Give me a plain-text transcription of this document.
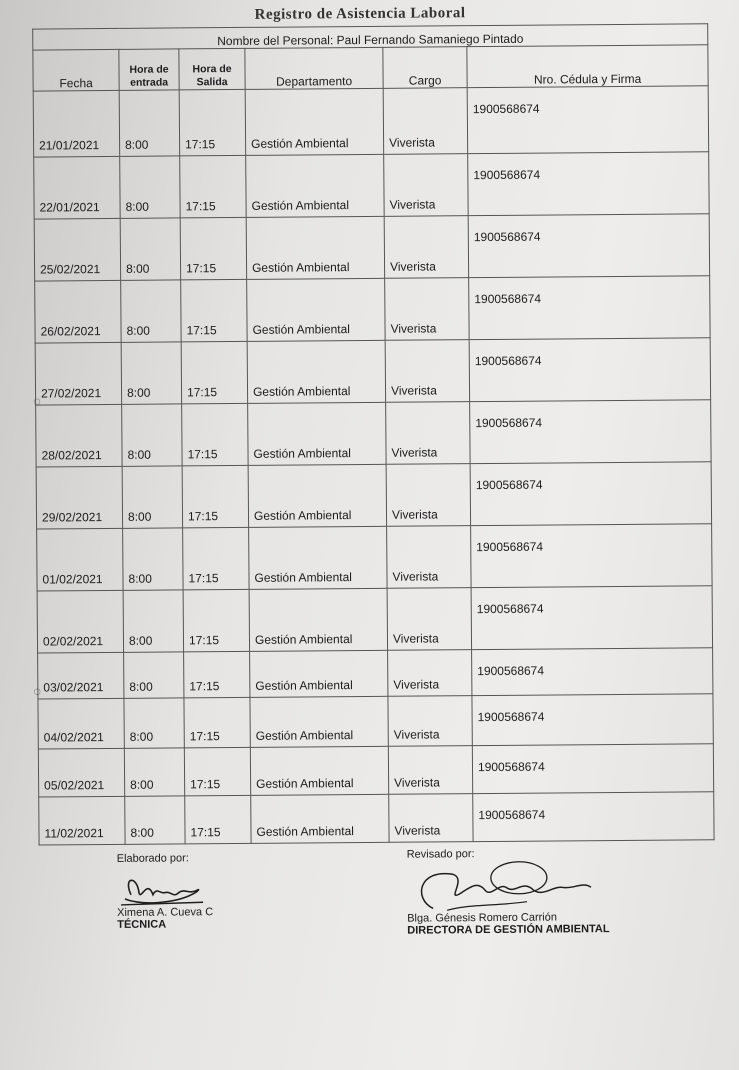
Registro de Asistencia Laboral
Nombre del Personal: Paul Fernando Samaniego Pintado					
Fecha	Hora de entrada	Hora de Salida	Departamento	Cargo	Nro. Cédula y Firma
21/01/2021	8:00	17:15	Gestión Ambiental	Viverista	1900568674
22/01/2021	8:00	17:15	Gestión Ambiental	Viverista	1900568674
25/02/2021	8:00	17:15	Gestión Ambiental	Viverista	1900568674
26/02/2021	8:00	17:15	Gestión Ambiental	Viverista	1900568674
27/02/2021	8:00	17:15	Gestión Ambiental	Viverista	1900568674
28/02/2021	8:00	17:15	Gestión Ambiental	Viverista	1900568674
29/02/2021	8:00	17:15	Gestión Ambiental	Viverista	1900568674
01/02/2021	8:00	17:15	Gestión Ambiental	Viverista	1900568674
02/02/2021	8:00	17:15	Gestión Ambiental	Viverista	1900568674
03/02/2021	8:00	17:15	Gestión Ambiental	Viverista	1900568674
04/02/2021	8:00	17:15	Gestión Ambiental	Viverista	1900568674
05/02/2021	8:00	17:15	Gestión Ambiental	Viverista	1900568674
11/02/2021	8:00	17:15	Gestión Ambiental	Viverista	1900568674
◌
◌
Elaborado por:
Ximena A. Cueva C
TÉCNICA
Revisado por:
Blga. Génesis Romero Carrión
DIRECTORA DE GESTIÓN AMBIENTAL
